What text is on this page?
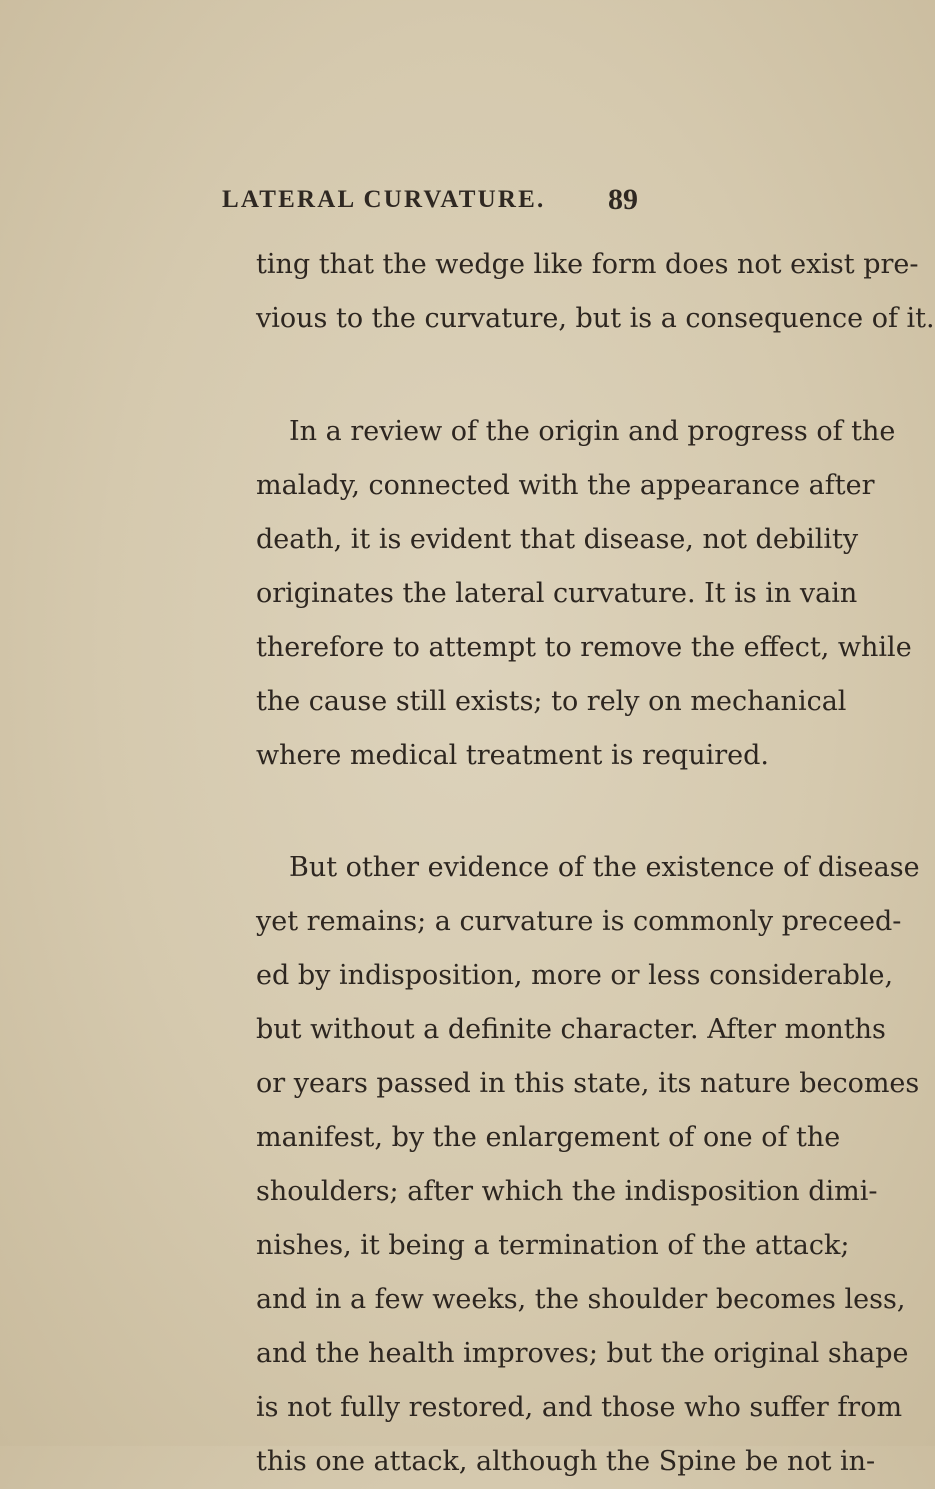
LATERAL CURVATURE. 89
ting that the wedge like form does not exist pre-
vious to the curvature, but is a consequence of it.
In a review of the origin and progress of the
malady, connected with the appearance after
death, it is evident that disease, not debility
originates the lateral curvature. It is in vain
therefore to attempt to remove the effect, while
the cause still exists; to rely on mechanical
where medical treatment is required.
But other evidence of the existence of disease
yet remains; a curvature is commonly preceed-
ed by indisposition, more or less considerable,
but without a definite character. After months
or years passed in this state, its nature becomes
manifest, by the enlargement of one of the
shoulders; after which the indisposition dimi-
nishes, it being a termination of the attack;
and in a few weeks, the shoulder becomes less,
and the health improves; but the original shape
is not fully restored, and those who suffer from
this one attack, although the Spine be not in-
